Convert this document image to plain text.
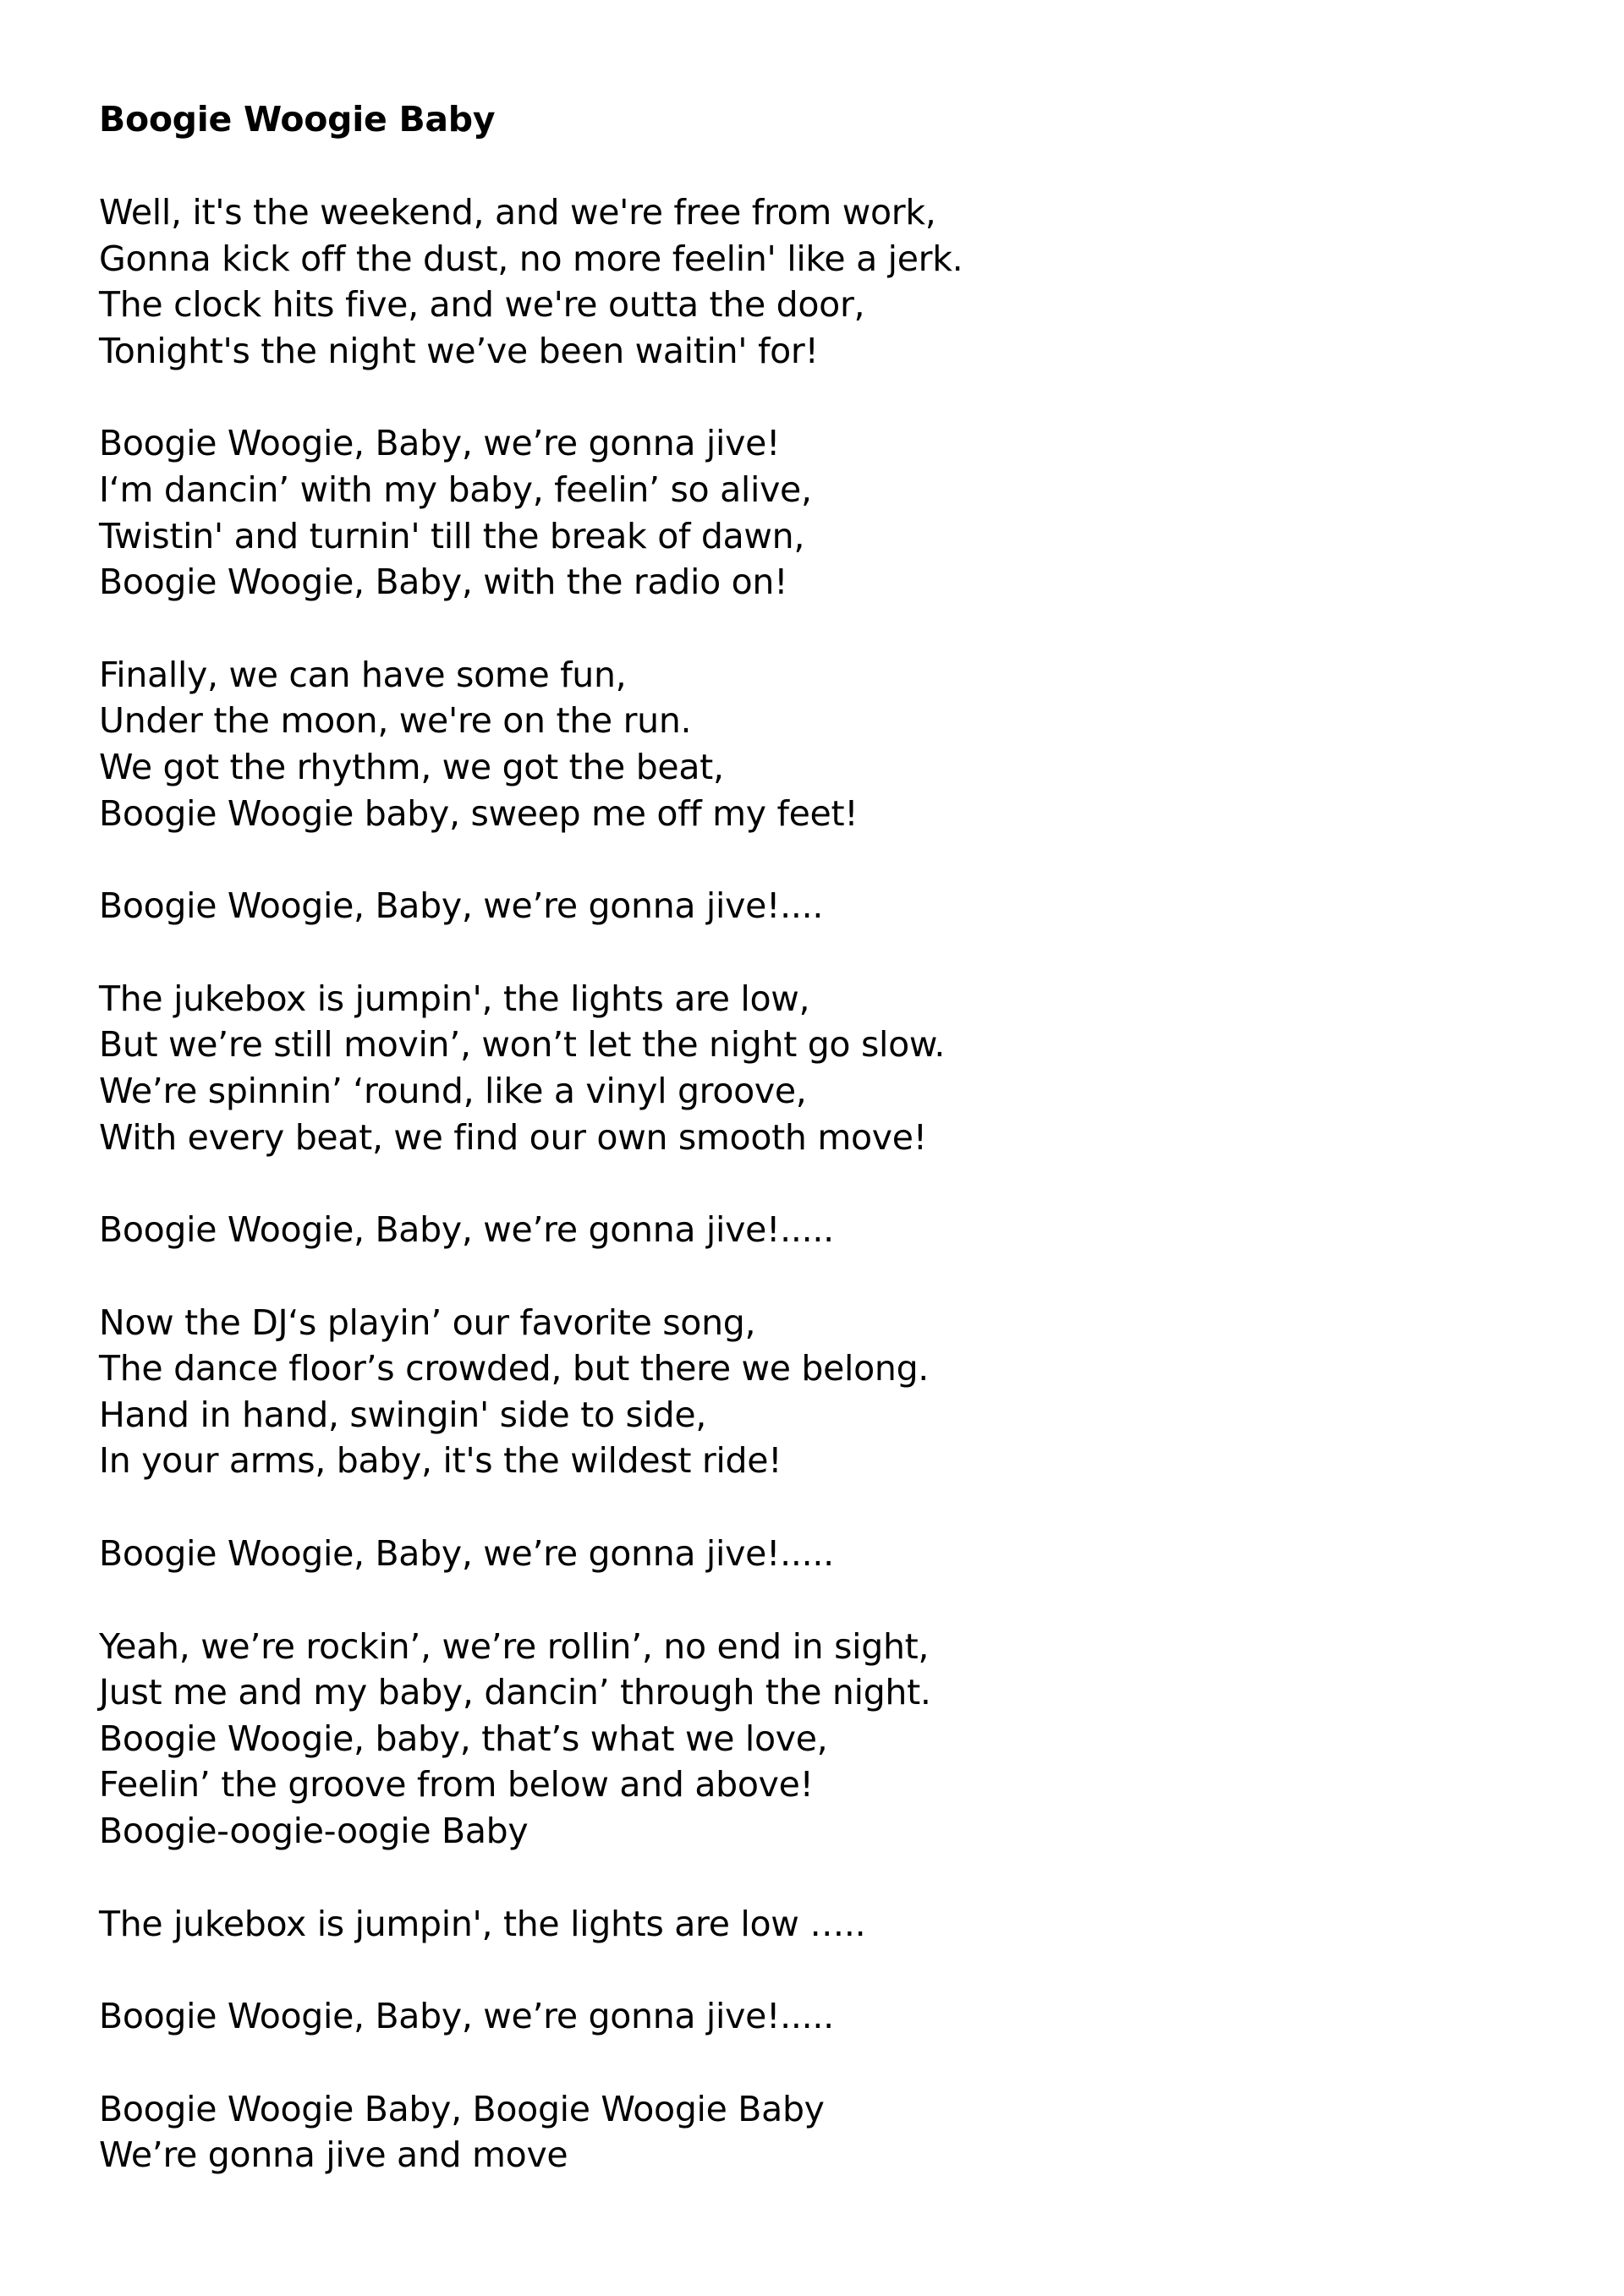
Boogie Woogie Baby
Well, it's the weekend, and we're free from work,
Gonna kick off the dust, no more feelin' like a jerk.
The clock hits five, and we're outta the door,
Tonight's the night we’ve been waitin' for!
Boogie Woogie, Baby, we’re gonna jive!
I‘m dancin’ with my baby, feelin’ so alive,
Twistin' and turnin' till the break of dawn,
Boogie Woogie, Baby, with the radio on!
Finally, we can have some fun,
Under the moon, we're on the run.
We got the rhythm, we got the beat,
Boogie Woogie baby, sweep me off my feet!
Boogie Woogie, Baby, we’re gonna jive!....
The jukebox is jumpin', the lights are low,
But we’re still movin’, won’t let the night go slow.
We’re spinnin’ ‘round, like a vinyl groove,
With every beat, we find our own smooth move!
Boogie Woogie, Baby, we’re gonna jive!.....
Now the DJ‘s playin’ our favorite song,
The dance floor’s crowded, but there we belong.
Hand in hand, swingin' side to side,
In your arms, baby, it's the wildest ride!
Boogie Woogie, Baby, we’re gonna jive!.....
Yeah, we’re rockin’, we’re rollin’, no end in sight,
Just me and my baby, dancin’ through the night.
Boogie Woogie, baby, that’s what we love,
Feelin’ the groove from below and above!
Boogie-oogie-oogie Baby
The jukebox is jumpin', the lights are low …..
Boogie Woogie, Baby, we’re gonna jive!.....
Boogie Woogie Baby, Boogie Woogie Baby
We’re gonna jive and move
